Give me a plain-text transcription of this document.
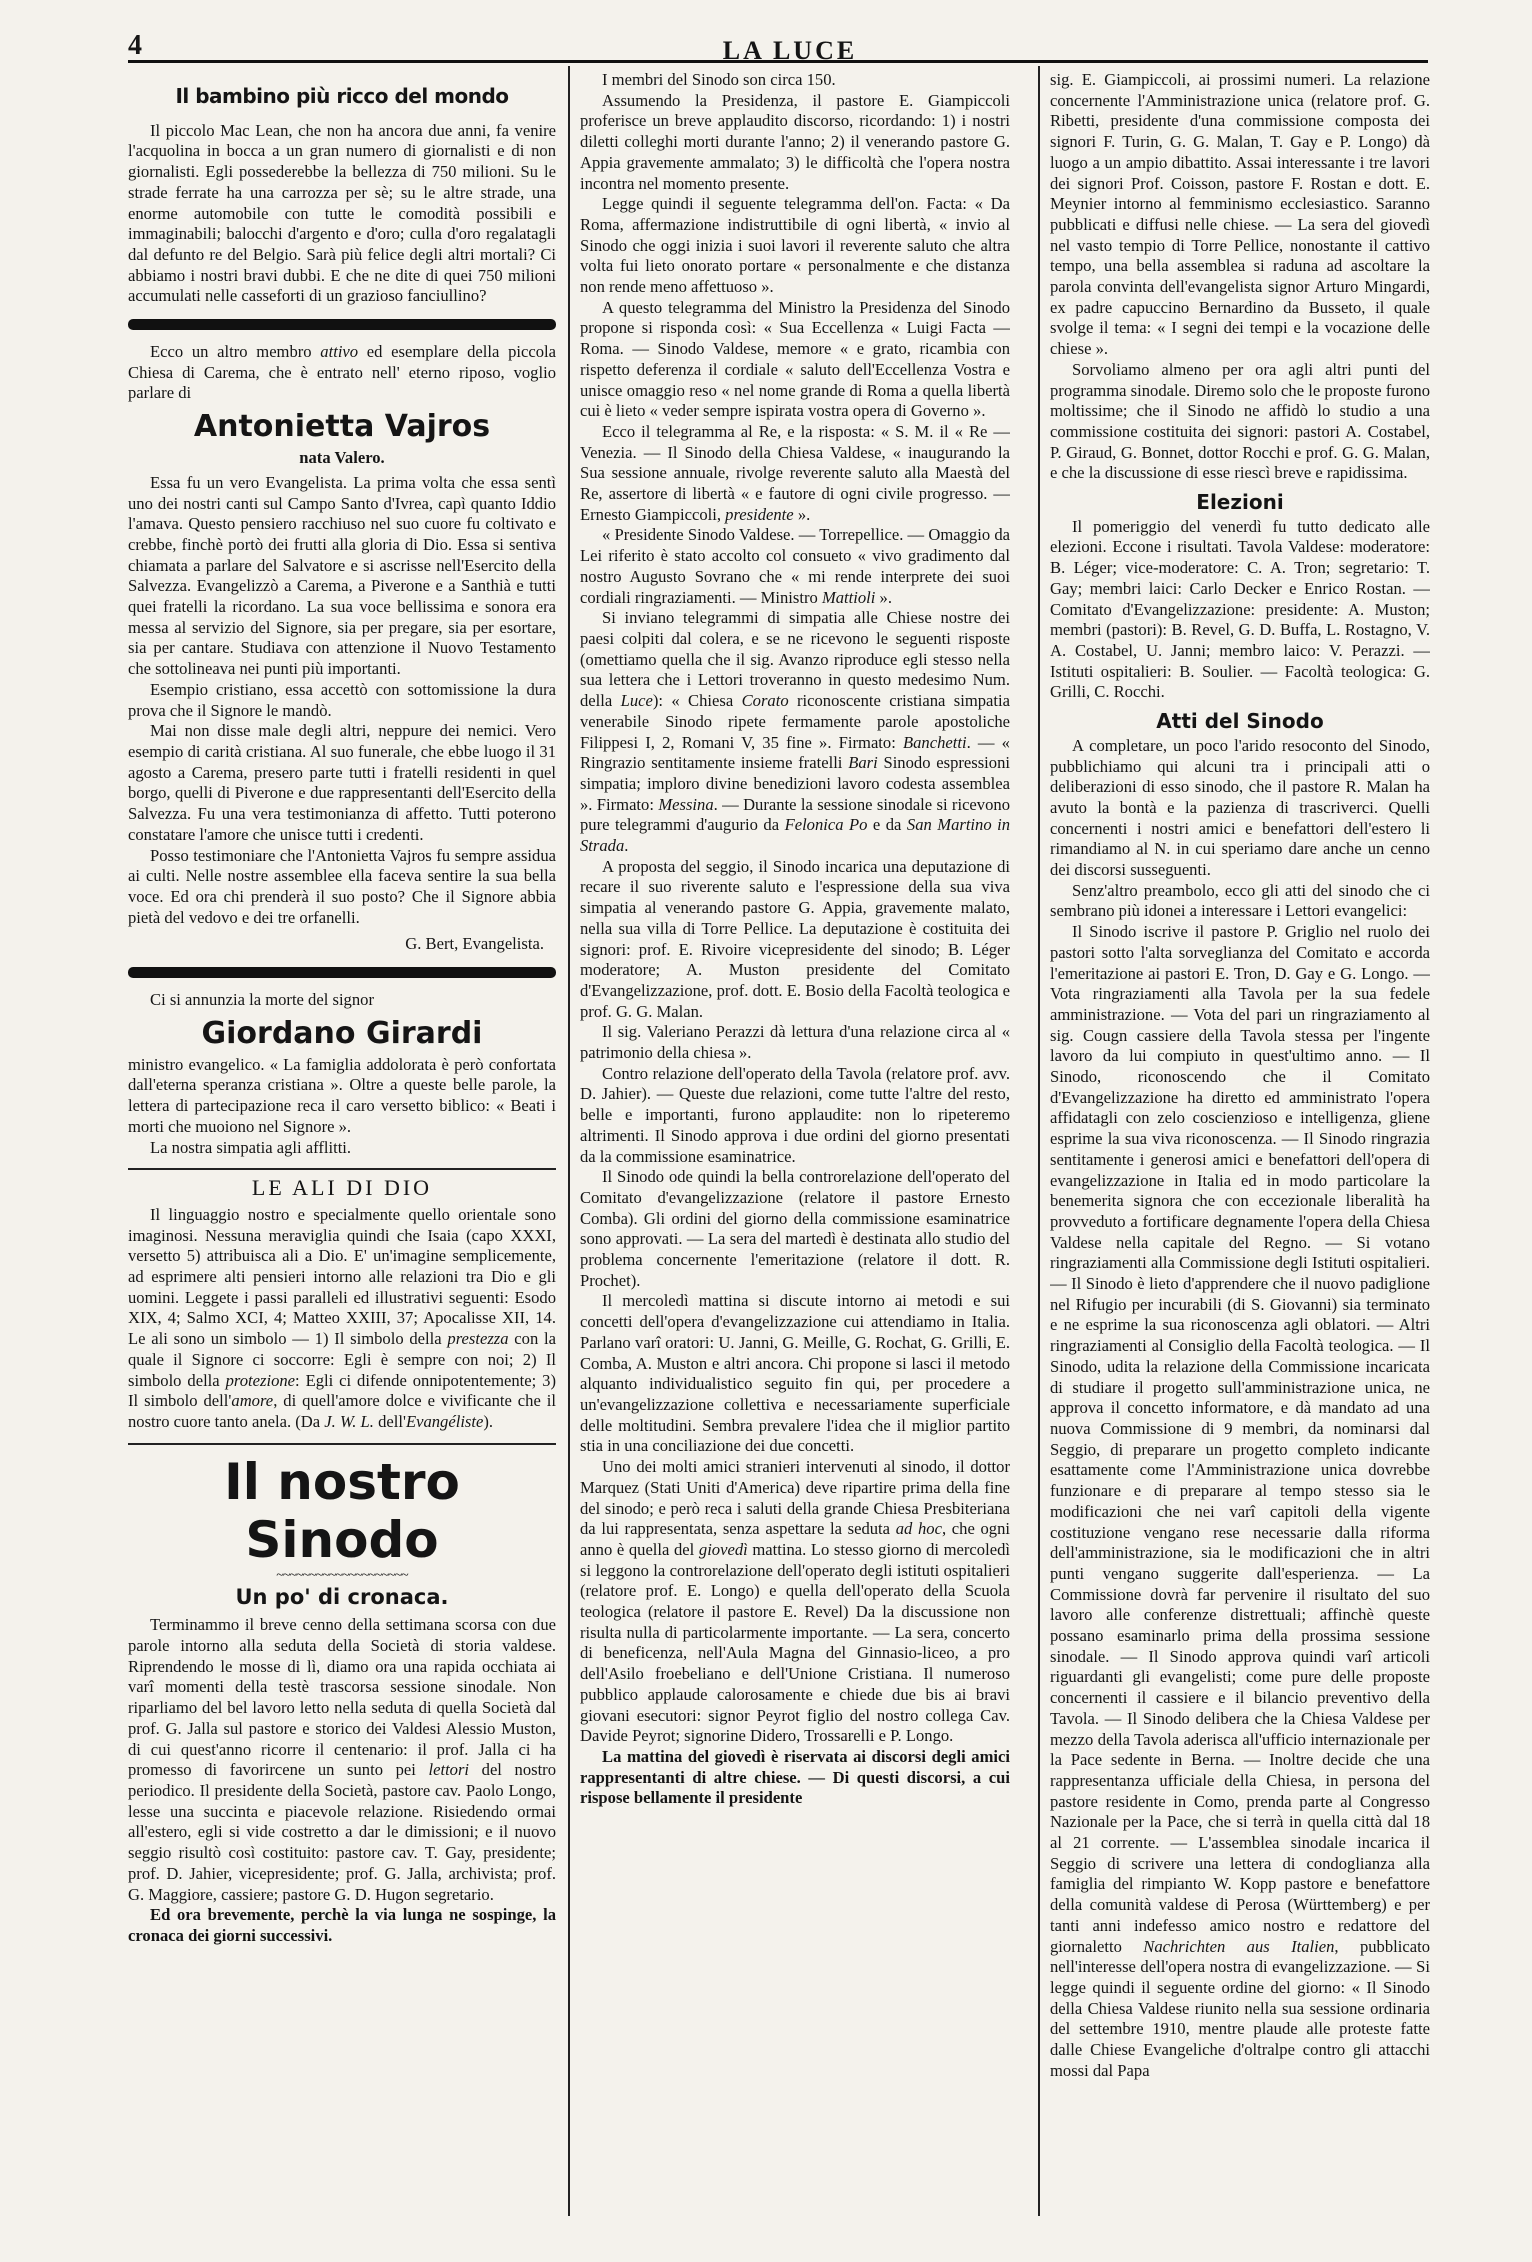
4	LA LUCE
Il bambino più ricco del mondo

Il piccolo Mac Lean, che non ha ancora due anni, fa venire l'acquolina in bocca a un gran numero di giornalisti e di non giornalisti. Egli possederebbe la bellezza di 750 milioni. Su le strade ferrate ha una carrozza per sè; su le altre strade, una enorme automobile con tutte le comodità possibili e immaginabili; balocchi d'argento e d'oro; culla d'oro regalatagli dal defunto re del Belgio. Sarà più felice degli altri mortali? Ci abbiamo i nostri bravi dubbi. E che ne dite di quei 750 milioni accumulati nelle casseforti di un grazioso fanciullino?

Ecco un altro membro attivo ed esemplare della piccola Chiesa di Carema, che è entrato nell' eterno riposo, voglio parlare di

Antonietta Vajros
nata Valero.

Essa fu un vero Evangelista. La prima volta che essa sentì uno dei nostri canti sul Campo Santo d'Ivrea, capì quanto Iddio l'amava. Questo pensiero racchiuso nel suo cuore fu coltivato e crebbe, finchè portò dei frutti alla gloria di Dio. Essa si sentiva chiamata a parlare del Salvatore e si ascrisse nell'Esercito della Salvezza. Evangelizzò a Carema, a Piverone e a Santhià e tutti quei fratelli la ricordano. La sua voce bellissima e sonora era messa al servizio del Signore, sia per pregare, sia per esortare, sia per cantare. Studiava con attenzione il Nuovo Testamento che sottolineava nei punti più importanti.

Esempio cristiano, essa accettò con sottomissione la dura prova che il Signore le mandò.

Mai non disse male degli altri, neppure dei nemici. Vero esempio di carità cristiana. Al suo funerale, che ebbe luogo il 31 agosto a Carema, presero parte tutti i fratelli residenti in quel borgo, quelli di Piverone e due rappresentanti dell'Esercito della Salvezza. Fu una vera testimonianza di affetto. Tutti poterono constatare l'amore che unisce tutti i credenti.

Posso testimoniare che l'Antonietta Vajros fu sempre assidua ai culti. Nelle nostre assemblee ella faceva sentire la sua bella voce. Ed ora chi prenderà il suo posto? Che il Signore abbia pietà del vedovo e dei tre orfanelli.

G. Bert, Evangelista.

Ci si annunzia la morte del signor

Giordano Girardi

ministro evangelico. « La famiglia addolorata è però confortata dall'eterna speranza cristiana ». Oltre a queste belle parole, la lettera di partecipazione reca il caro versetto biblico: « Beati i morti che muoiono nel Signore ».

La nostra simpatia agli afflitti.

LE ALI DI DIO

Il linguaggio nostro e specialmente quello orientale sono imaginosi. Nessuna meraviglia quindi che Isaia (capo XXXI, versetto 5) attribuisca ali a Dio. E' un'imagine semplicemente, ad esprimere alti pensieri intorno alle relazioni tra Dio e gli uomini. Leggete i passi paralleli ed illustrativi seguenti: Esodo XIX, 4; Salmo XCI, 4; Matteo XXIII, 37; Apocalisse XII, 14. Le ali sono un simbolo — 1) Il simbolo della prestezza con la quale il Signore ci soccorre: Egli è sempre con noi; 2) Il simbolo della protezione: Egli ci difende onnipotentemente; 3) Il simbolo dell'amore, di quell'amore dolce e vivificante che il nostro cuore tanto anela. (Da J. W. L. dell'Evangéliste).

Il nostro Sinodo
~~~~~~~~~~~~~~~~~~~~
Un po' di cronaca.

Terminammo il breve cenno della settimana scorsa con due parole intorno alla seduta della Società di storia valdese. Riprendendo le mosse di lì, diamo ora una rapida occhiata ai varî momenti della testè trascorsa sessione sinodale. Non riparliamo del bel lavoro letto nella seduta di quella Società dal prof. G. Jalla sul pastore e storico dei Valdesi Alessio Muston, di cui quest'anno ricorre il centenario: il prof. Jalla ci ha promesso di favorircene un sunto pei lettori del nostro periodico. Il presidente della Società, pastore cav. Paolo Longo, lesse una succinta e piacevole relazione. Risiedendo ormai all'estero, egli si vide costretto a dar le dimissioni; e il nuovo seggio risultò così costituito: pastore cav. T. Gay, presidente; prof. D. Jahier, vicepresidente; prof. G. Jalla, archivista; prof. G. Maggiore, cassiere; pastore G. D. Hugon segretario.

Ed ora brevemente, perchè la via lunga ne sospinge, la cronaca dei giorni successivi.

I membri del Sinodo son circa 150.

Assumendo la Presidenza, il pastore E. Giampiccoli proferisce un breve applaudito discorso, ricordando: 1) i nostri diletti colleghi morti durante l'anno; 2) il venerando pastore G. Appia gravemente ammalato; 3) le difficoltà che l'opera nostra incontra nel momento presente.

Legge quindi il seguente telegramma dell'on. Facta: « Da Roma, affermazione indistruttibile di ogni libertà, « invio al Sinodo che oggi inizia i suoi lavori il reverente saluto che altra volta fui lieto onorato portare « personalmente e che distanza non rende meno affettuoso ».

A questo telegramma del Ministro la Presidenza del Sinodo propone si risponda così: « Sua Eccellenza « Luigi Facta — Roma. — Sinodo Valdese, memore « e grato, ricambia con rispetto deferenza il cordiale « saluto dell'Eccellenza Vostra e unisce omaggio reso « nel nome grande di Roma a quella libertà cui è lieto « veder sempre ispirata vostra opera di Governo ».

Ecco il telegramma al Re, e la risposta: « S. M. il « Re — Venezia. — Il Sinodo della Chiesa Valdese, « inaugurando la Sua sessione annuale, rivolge reverente saluto alla Maestà del Re, assertore di libertà « e fautore di ogni civile progresso. — Ernesto Giampiccoli, presidente ».

« Presidente Sinodo Valdese. — Torrepellice. — Omaggio da Lei riferito è stato accolto col consueto « vivo gradimento dal nostro Augusto Sovrano che « mi rende interprete dei suoi cordiali ringraziamenti. — Ministro Mattioli ».

Si inviano telegrammi di simpatia alle Chiese nostre dei paesi colpiti dal colera, e se ne ricevono le seguenti risposte (omettiamo quella che il sig. Avanzo riproduce egli stesso nella sua lettera che i Lettori troveranno in questo medesimo Num. della Luce): « Chiesa Corato riconoscente cristiana simpatia venerabile Sinodo ripete fermamente parole apostoliche Filippesi I, 2, Romani V, 35 fine ». Firmato: Banchetti. — « Ringrazio sentitamente insieme fratelli Bari Sinodo espressioni simpatia; imploro divine benedizioni lavoro codesta assemblea ». Firmato: Messina. — Durante la sessione sinodale si ricevono pure telegrammi d'augurio da Felonica Po e da San Martino in Strada.

A proposta del seggio, il Sinodo incarica una deputazione di recare il suo riverente saluto e l'espressione della sua viva simpatia al venerando pastore G. Appia, gravemente malato, nella sua villa di Torre Pellice. La deputazione è costituita dei signori: prof. E. Rivoire vicepresidente del sinodo; B. Léger moderatore; A. Muston presidente del Comitato d'Evangelizzazione, prof. dott. E. Bosio della Facoltà teologica e prof. G. G. Malan.

Il sig. Valeriano Perazzi dà lettura d'una relazione circa al « patrimonio della chiesa ».

Contro relazione dell'operato della Tavola (relatore prof. avv. D. Jahier). — Queste due relazioni, come tutte l'altre del resto, belle e importanti, furono applaudite: non lo ripeteremo altrimenti. Il Sinodo approva i due ordini del giorno presentati da la commissione esaminatrice.

Il Sinodo ode quindi la bella controrelazione dell'operato del Comitato d'evangelizzazione (relatore il pastore Ernesto Comba). Gli ordini del giorno della commissione esaminatrice sono approvati. — La sera del martedì è destinata allo studio del problema concernente l'emeritazione (relatore il dott. R. Prochet).

Il mercoledì mattina si discute intorno ai metodi e sui concetti dell'opera d'evangelizzazione cui attendiamo in Italia. Parlano varî oratori: U. Janni, G. Meille, G. Rochat, G. Grilli, E. Comba, A. Muston e altri ancora. Chi propone si lasci il metodo alquanto individualistico seguito fin qui, per procedere a un'evangelizzazione collettiva e necessariamente superficiale delle moltitudini. Sembra prevalere l'idea che il miglior partito stia in una conciliazione dei due concetti.

Uno dei molti amici stranieri intervenuti al sinodo, il dottor Marquez (Stati Uniti d'America) deve ripartire prima della fine del sinodo; e però reca i saluti della grande Chiesa Presbiteriana da lui rappresentata, senza aspettare la seduta ad hoc, che ogni anno è quella del giovedì mattina. Lo stesso giorno di mercoledì si leggono la controrelazione dell'operato degli istituti ospitalieri (relatore prof. E. Longo) e quella dell'operato della Scuola teologica (relatore il pastore E. Revel) Da la discussione non risulta nulla di particolarmente importante. — La sera, concerto di beneficenza, nell'Aula Magna del Ginnasio-liceo, a pro dell'Asilo froebeliano e dell'Unione Cristiana. Il numeroso pubblico applaude calorosamente e chiede due bis ai bravi giovani esecutori: signor Peyrot figlio del nostro collega Cav. Davide Peyrot; signorine Didero, Trossarelli e P. Longo.

La mattina del giovedì è riservata ai discorsi degli amici rappresentanti di altre chiese. — Di questi discorsi, a cui rispose bellamente il presidente

sig. E. Giampiccoli, ai prossimi numeri. La relazione concernente l'Amministrazione unica (relatore prof. G. Ribetti, presidente d'una commissione composta dei signori F. Turin, G. G. Malan, T. Gay e P. Longo) dà luogo a un ampio dibattito. Assai interessante i tre lavori dei signori Prof. Coisson, pastore F. Rostan e dott. E. Meynier intorno al femminismo ecclesiastico. Saranno pubblicati e diffusi nelle chiese. — La sera del giovedì nel vasto tempio di Torre Pellice, nonostante il cattivo tempo, una bella assemblea si raduna ad ascoltare la parola convinta dell'evangelista signor Arturo Mingardi, ex padre capuccino Bernardino da Busseto, il quale svolge il tema: « I segni dei tempi e la vocazione delle chiese ».

Sorvoliamo almeno per ora agli altri punti del programma sinodale. Diremo solo che le proposte furono moltissime; che il Sinodo ne affidò lo studio a una commissione costituita dei signori: pastori A. Costabel, P. Giraud, G. Bonnet, dottor Rocchi e prof. G. G. Malan, e che la discussione di esse riescì breve e rapidissima.

Elezioni

Il pomeriggio del venerdì fu tutto dedicato alle elezioni. Eccone i risultati. Tavola Valdese: moderatore: B. Léger; vice-moderatore: C. A. Tron; segretario: T. Gay; membri laici: Carlo Decker e Enrico Rostan. — Comitato d'Evangelizzazione: presidente: A. Muston; membri (pastori): B. Revel, G. D. Buffa, L. Rostagno, V. A. Costabel, U. Janni; membro laico: V. Perazzi. — Istituti ospitalieri: B. Soulier. — Facoltà teologica: G. Grilli, C. Rocchi.

Atti del Sinodo

A completare, un poco l'arido resoconto del Sinodo, pubblichiamo qui alcuni tra i principali atti o deliberazioni di esso sinodo, che il pastore R. Malan ha avuto la bontà e la pazienza di trascriverci. Quelli concernenti i nostri amici e benefattori dell'estero li rimandiamo al N. in cui speriamo dare anche un cenno dei discorsi susseguenti.

Senz'altro preambolo, ecco gli atti del sinodo che ci sembrano più idonei a interessare i Lettori evangelici:

Il Sinodo iscrive il pastore P. Griglio nel ruolo dei pastori sotto l'alta sorveglianza del Comitato e accorda l'emeritazione ai pastori E. Tron, D. Gay e G. Longo. — Vota ringraziamenti alla Tavola per la sua fedele amministrazione. — Vota del pari un ringraziamento al sig. Cougn cassiere della Tavola stessa per l'ingente lavoro da lui compiuto in quest'ultimo anno. — Il Sinodo, riconoscendo che il Comitato d'Evangelizzazione ha diretto ed amministrato l'opera affidatagli con zelo coscienzioso e intelligenza, gliene esprime la sua viva riconoscenza. — Il Sinodo ringrazia sentitamente i generosi amici e benefattori dell'opera di evangelizzazione in Italia ed in modo particolare la benemerita signora che con eccezionale liberalità ha provveduto a fortificare degnamente l'opera della Chiesa Valdese nella capitale del Regno. — Si votano ringraziamenti alla Commissione degli Istituti ospitalieri. — Il Sinodo è lieto d'apprendere che il nuovo padiglione nel Rifugio per incurabili (di S. Giovanni) sia terminato e ne esprime la sua riconoscenza agli oblatori. — Altri ringraziamenti al Consiglio della Facoltà teologica. — Il Sinodo, udita la relazione della Commissione incaricata di studiare il progetto sull'amministrazione unica, ne approva il concetto informatore, e dà mandato ad una nuova Commissione di 9 membri, da nominarsi dal Seggio, di preparare un progetto completo indicante esattamente come l'Amministrazione unica dovrebbe funzionare e di preparare al tempo stesso sia le modificazioni che nei varî capitoli della vigente costituzione vengano rese necessarie dalla riforma dell'amministrazione, sia le modificazioni che in altri punti vengano suggerite dall'esperienza. — La Commissione dovrà far pervenire il risultato del suo lavoro alle conferenze distrettuali; affinchè queste possano esaminarlo prima della prossima sessione sinodale. — Il Sinodo approva quindi varî articoli riguardanti gli evangelisti; come pure delle proposte concernenti il cassiere e il bilancio preventivo della Tavola. — Il Sinodo delibera che la Chiesa Valdese per mezzo della Tavola aderisca all'ufficio internazionale per la Pace sedente in Berna. — Inoltre decide che una rappresentanza ufficiale della Chiesa, in persona del pastore residente in Como, prenda parte al Congresso Nazionale per la Pace, che si terrà in quella città dal 18 al 21 corrente. — L'assemblea sinodale incarica il Seggio di scrivere una lettera di condoglianza alla famiglia del rimpianto W. Kopp pastore e benefattore della comunità valdese di Perosa (Württemberg) e per tanti anni indefesso amico nostro e redattore del giornaletto Nachrichten aus Italien, pubblicato nell'interesse dell'opera nostra di evangelizzazione. — Si legge quindi il seguente ordine del giorno: « Il Sinodo della Chiesa Valdese riunito nella sua sessione ordinaria del settembre 1910, mentre plaude alle proteste fatte dalle Chiese Evangeliche d'oltralpe contro gli attacchi mossi dal Papa
